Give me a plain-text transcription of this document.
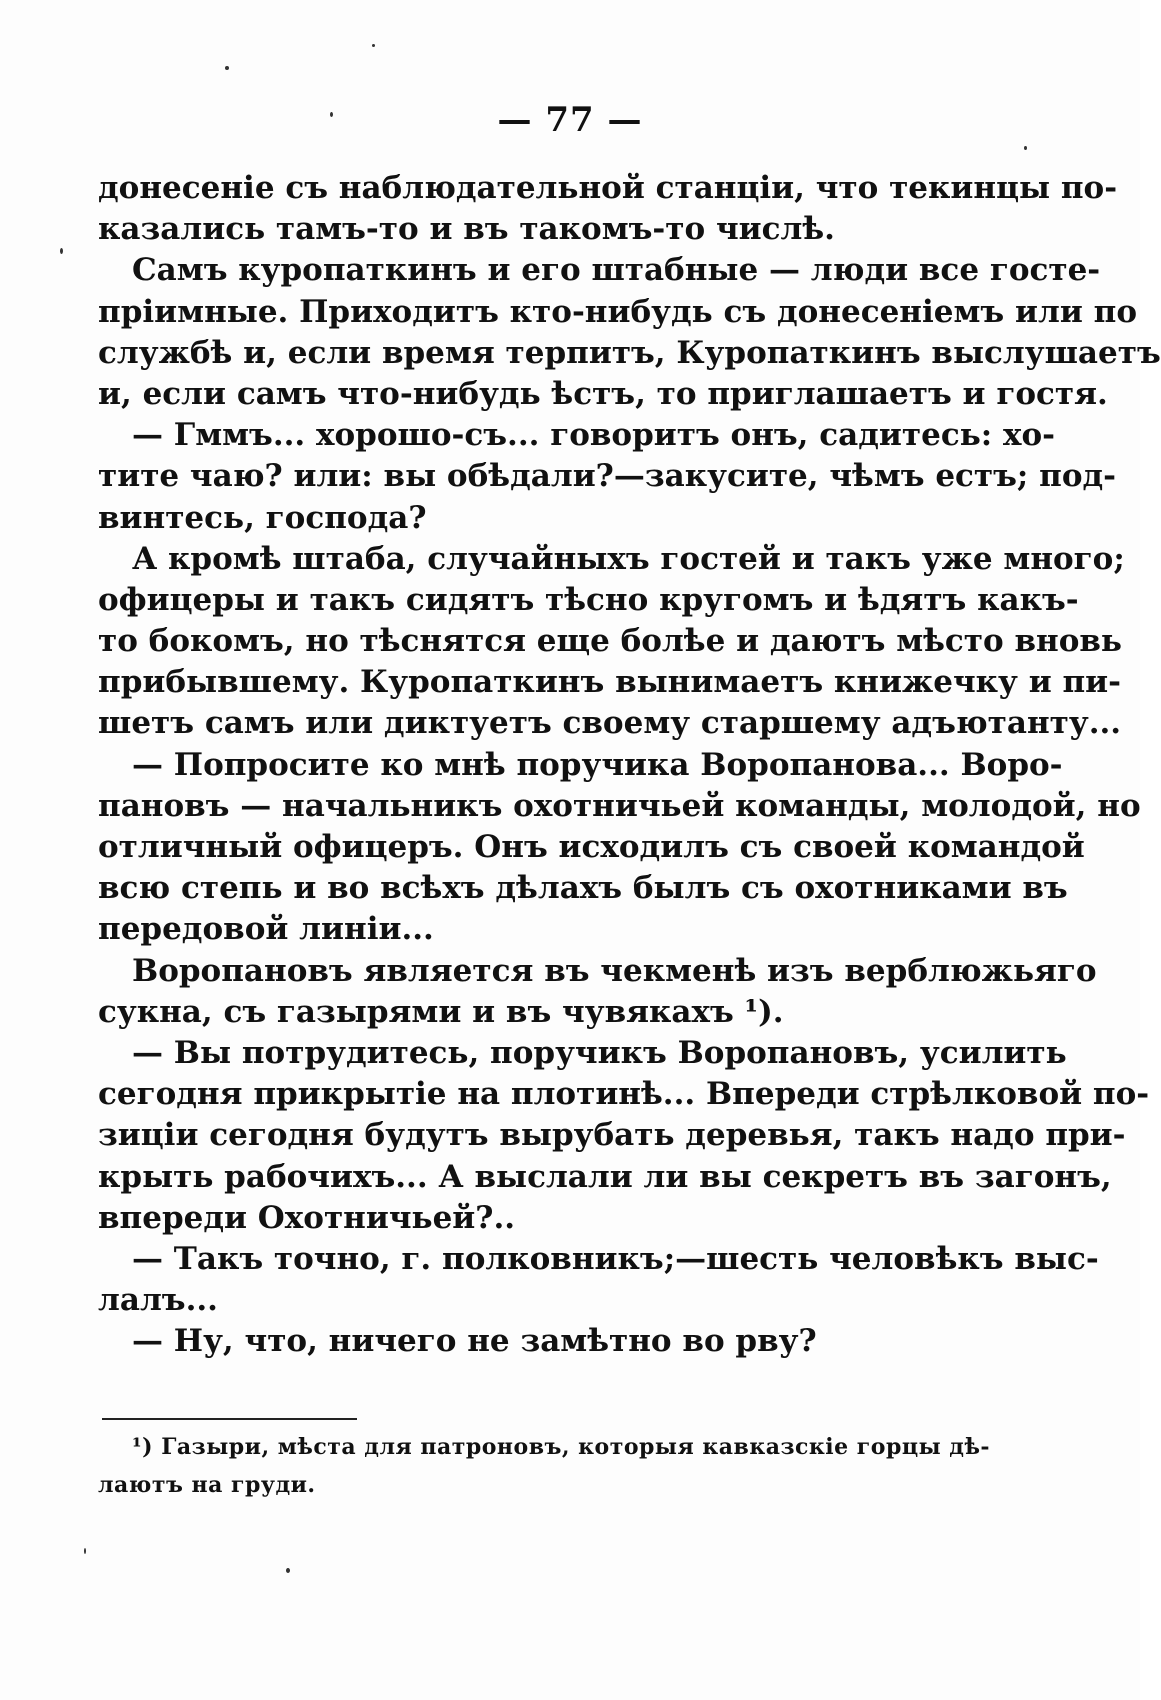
— 77 —
донесеніе съ наблюдательной станціи, что текинцы по-
казались тамъ-то и въ такомъ-то числѣ.
Самъ куропаткинъ и его штабные — люди все госте-
пріимные. Приходитъ кто-нибудь съ донесеніемъ или по
службѣ и, если время терпитъ, Куропаткинъ выслушаетъ
и, если самъ что-нибудь ѣстъ, то приглашаетъ и гостя.
— Гммъ... хорошо-съ... говоритъ онъ, садитесь: хо-
тите чаю? или: вы обѣдали?—закусите, чѣмъ естъ; под-
винтесь, господа?
А кромѣ штаба, случайныхъ гостей и такъ уже много;
офицеры и такъ сидятъ тѣсно кругомъ и ѣдятъ какъ-
то бокомъ, но тѣснятся еще болѣе и даютъ мѣсто вновь
прибывшему. Куропаткинъ вынимаетъ книжечку и пи-
шетъ самъ или диктуетъ своему старшему адъютанту...
— Попросите ко мнѣ поручика Воропанова... Воро-
пановъ — начальникъ охотничьей команды, молодой, но
отличный офицеръ. Онъ исходилъ съ своей командой
всю степь и во всѣхъ дѣлахъ былъ съ охотниками въ
передовой линіи...
Воропановъ является въ чекменѣ изъ верблюжьяго
сукна, съ газырями и въ чувякахъ ¹).
— Вы потрудитесь, поручикъ Воропановъ, усилить
сегодня прикрытіе на плотинѣ... Впереди стрѣлковой по-
зиціи сегодня будутъ вырубать деревья, такъ надо при-
крыть рабочихъ... А выслали ли вы секретъ въ загонъ,
впереди Охотничьей?..
— Такъ точно, г. полковникъ;—шесть человѣкъ выс-
лалъ...
— Ну, что, ничего не замѣтно во рву?
¹) Газыри, мѣста для патроновъ, которыя кавказскіе горцы дѣ-
лаютъ на груди.
